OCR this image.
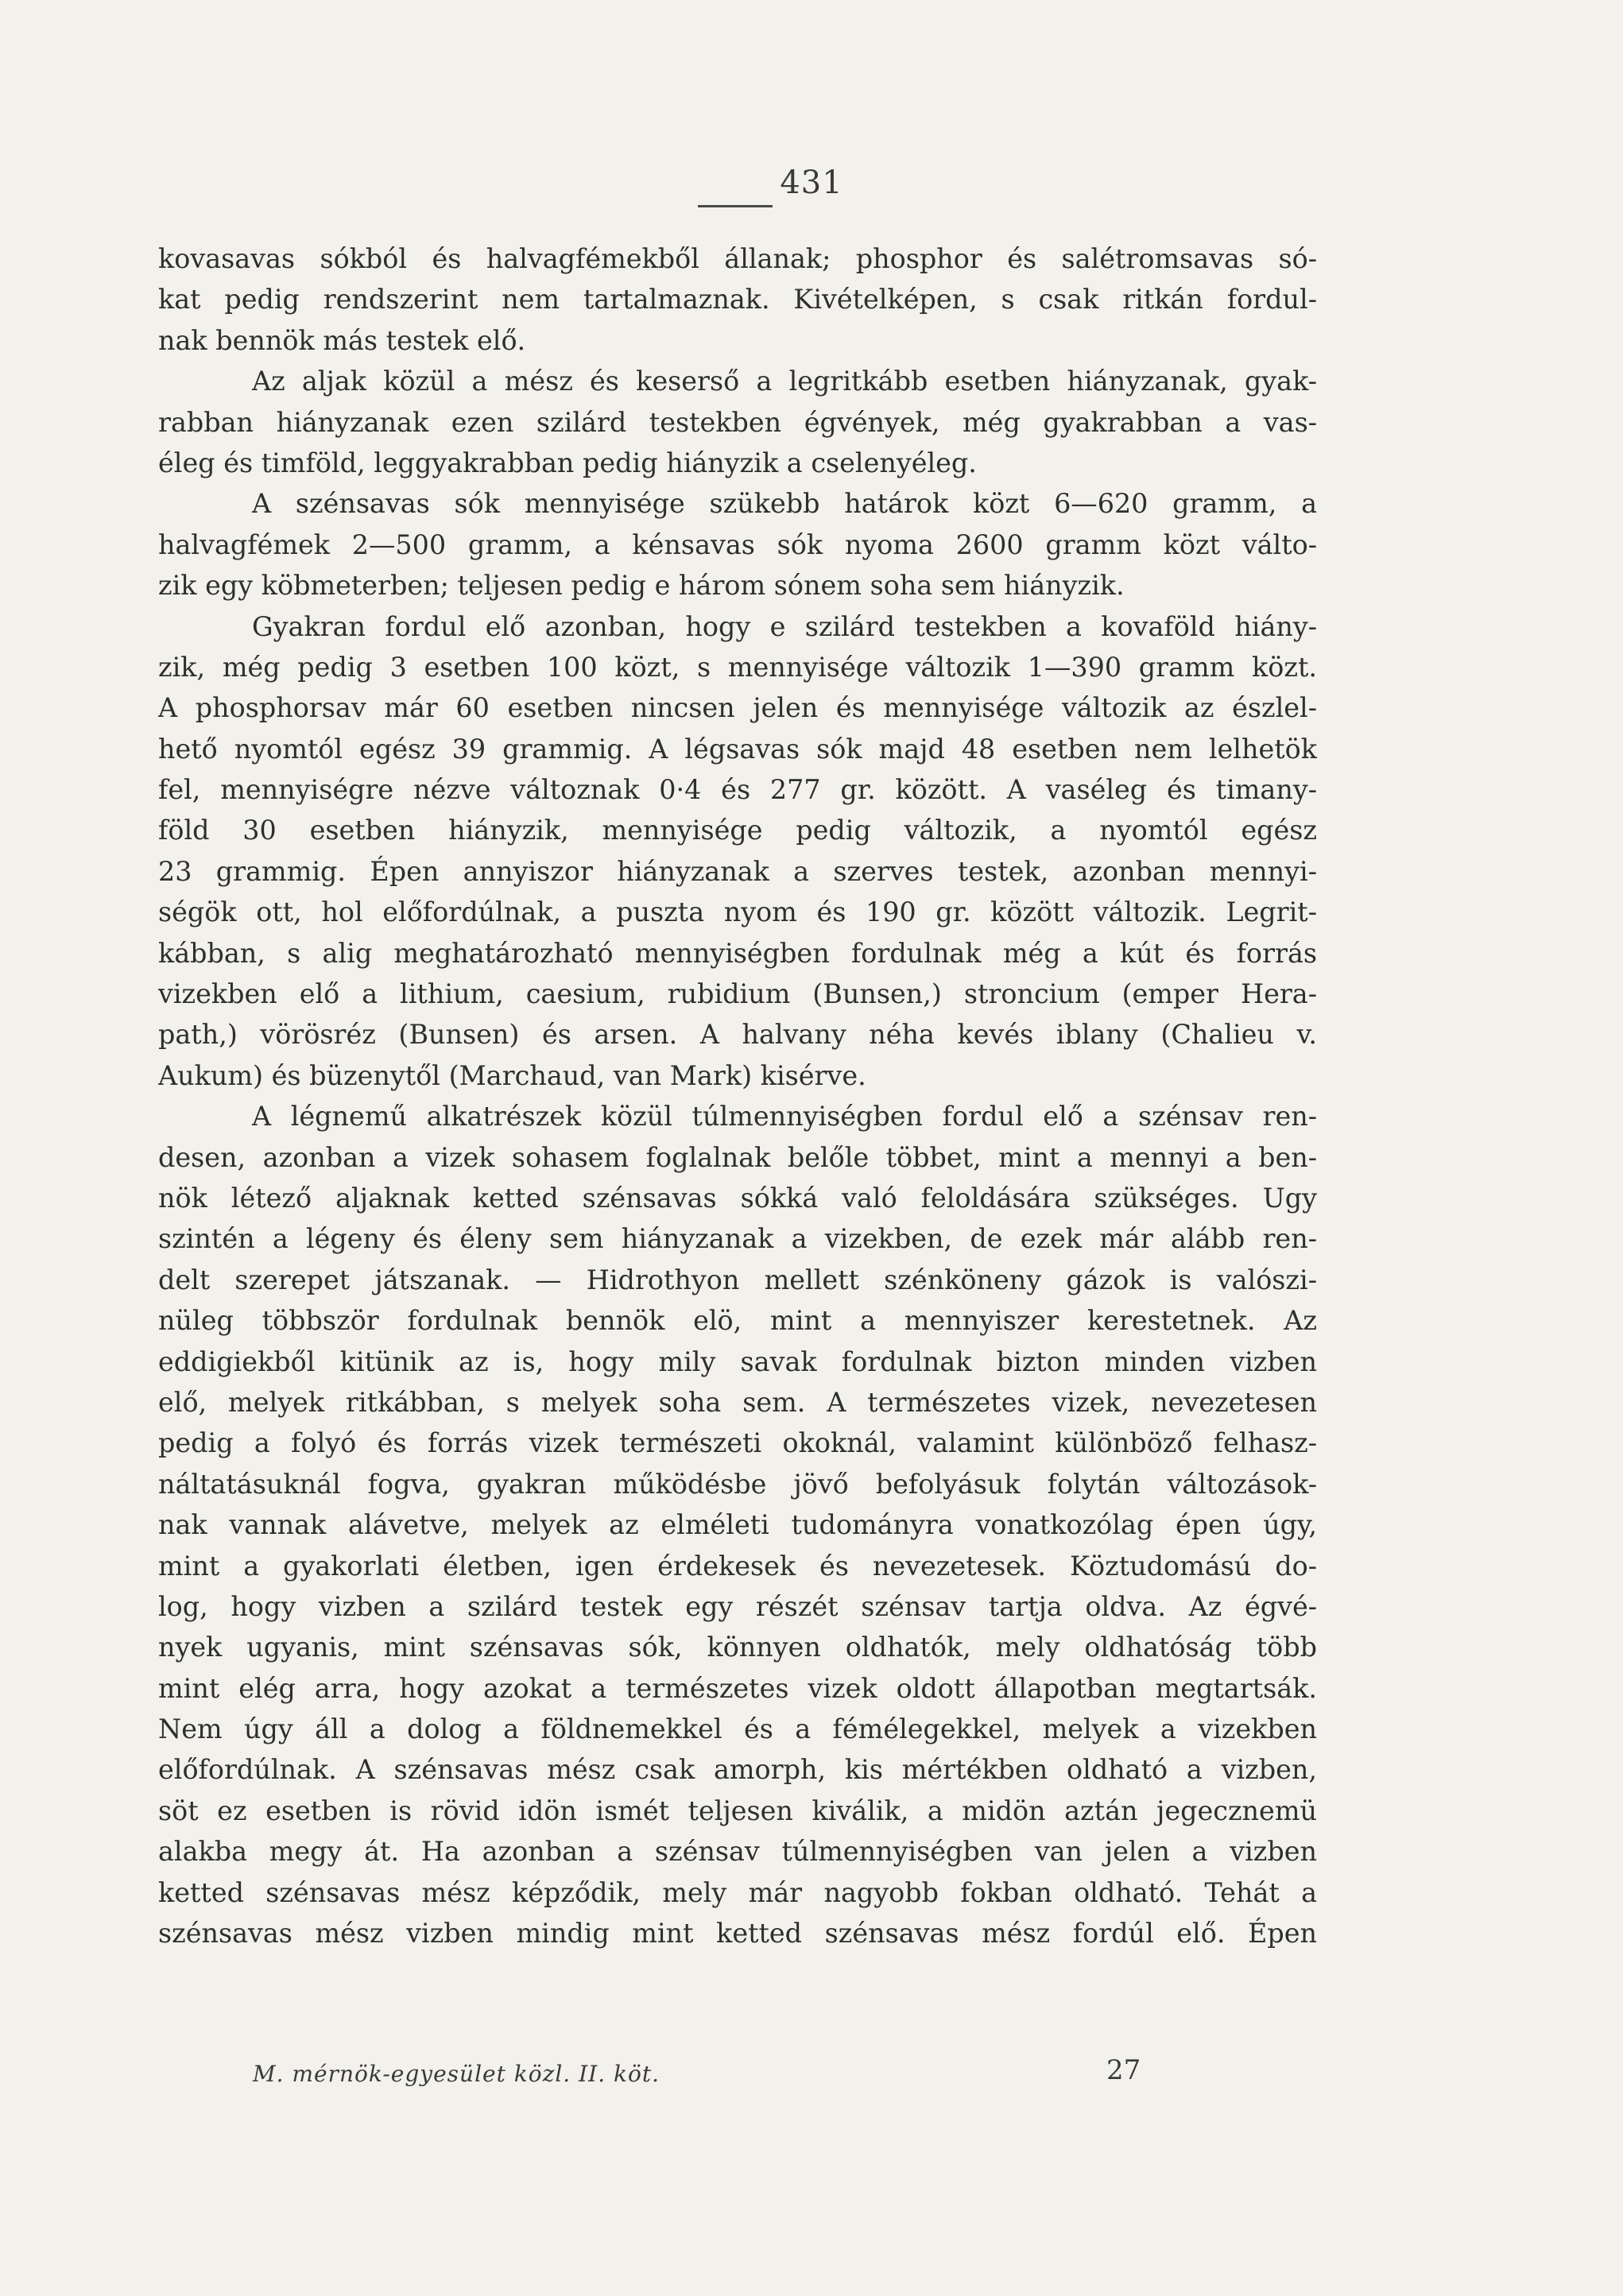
431
kovasavas sókból és halvagfémekből állanak; phosphor és salétromsavas só-
kat pedig rendszerint nem tartalmaznak. Kivételképen, s csak ritkán fordul-
nak bennök más testek elő.
Az aljak közül a mész és keserső a legritkább esetben hiányzanak, gyak-
rabban hiányzanak ezen szilárd testekben égvények, még gyakrabban a vas-
éleg és timföld, leggyakrabban pedig hiányzik a cselenyéleg.
A szénsavas sók mennyisége szükebb határok közt 6—620 gramm, a
halvagfémek 2—500 gramm, a kénsavas sók nyoma 2600 gramm közt válto-
zik egy köbmeterben; teljesen pedig e három sónem soha sem hiányzik.
Gyakran fordul elő azonban, hogy e szilárd testekben a kovaföld hiány-
zik, még pedig 3 esetben 100 közt, s mennyisége változik 1—390 gramm közt.
A phosphorsav már 60 esetben nincsen jelen és mennyisége változik az észlel-
hető nyomtól egész 39 grammig. A légsavas sók majd 48 esetben nem lelhetök
fel, mennyiségre nézve változnak 0·4 és 277 gr. között. A vaséleg és timany-
föld 30 esetben hiányzik, mennyisége pedig változik, a nyomtól egész
23 grammig. Épen annyiszor hiányzanak a szerves testek, azonban mennyi-
ségök ott, hol előfordúlnak, a puszta nyom és 190 gr. között változik. Legrit-
kábban, s alig meghatározható mennyiségben fordulnak még a kút és forrás
vizekben elő a lithium, caesium, rubidium (Bunsen,) stroncium (emper Hera-
path,) vörösréz (Bunsen) és arsen. A halvany néha kevés iblany (Chalieu v.
Aukum) és büzenytől (Marchaud, van Mark) kisérve.
A légnemű alkatrészek közül túlmennyiségben fordul elő a szénsav ren-
desen, azonban a vizek sohasem foglalnak belőle többet, mint a mennyi a ben-
nök létező aljaknak ketted szénsavas sókká való feloldására szükséges. Ugy
szintén a légeny és éleny sem hiányzanak a vizekben, de ezek már alább ren-
delt szerepet játszanak. — Hidrothyon mellett szénköneny gázok is valószi-
nüleg többször fordulnak bennök elö, mint a mennyiszer kerestetnek. Az
eddigiekből kitünik az is, hogy mily savak fordulnak bizton minden vizben
elő, melyek ritkábban, s melyek soha sem. A természetes vizek, nevezetesen
pedig a folyó és forrás vizek természeti okoknál, valamint különböző felhasz-
náltatásuknál fogva, gyakran működésbe jövő befolyásuk folytán változások-
nak vannak alávetve, melyek az elméleti tudományra vonatkozólag épen úgy,
mint a gyakorlati életben, igen érdekesek és nevezetesek. Köztudomású do-
log, hogy vizben a szilárd testek egy részét szénsav tartja oldva. Az égvé-
nyek ugyanis, mint szénsavas sók, könnyen oldhatók, mely oldhatóság több
mint elég arra, hogy azokat a természetes vizek oldott állapotban megtartsák.
Nem úgy áll a dolog a földnemekkel és a fémélegekkel, melyek a vizekben
előfordúlnak. A szénsavas mész csak amorph, kis mértékben oldható a vizben,
söt ez esetben is rövid idön ismét teljesen kiválik, a midön aztán jegecznemü
alakba megy át. Ha azonban a szénsav túlmennyiségben van jelen a vizben
ketted szénsavas mész képződik, mely már nagyobb fokban oldható. Tehát a
szénsavas mész vizben mindig mint ketted szénsavas mész fordúl elő. Épen
M. mérnök-egyesület közl. II. köt.	27
